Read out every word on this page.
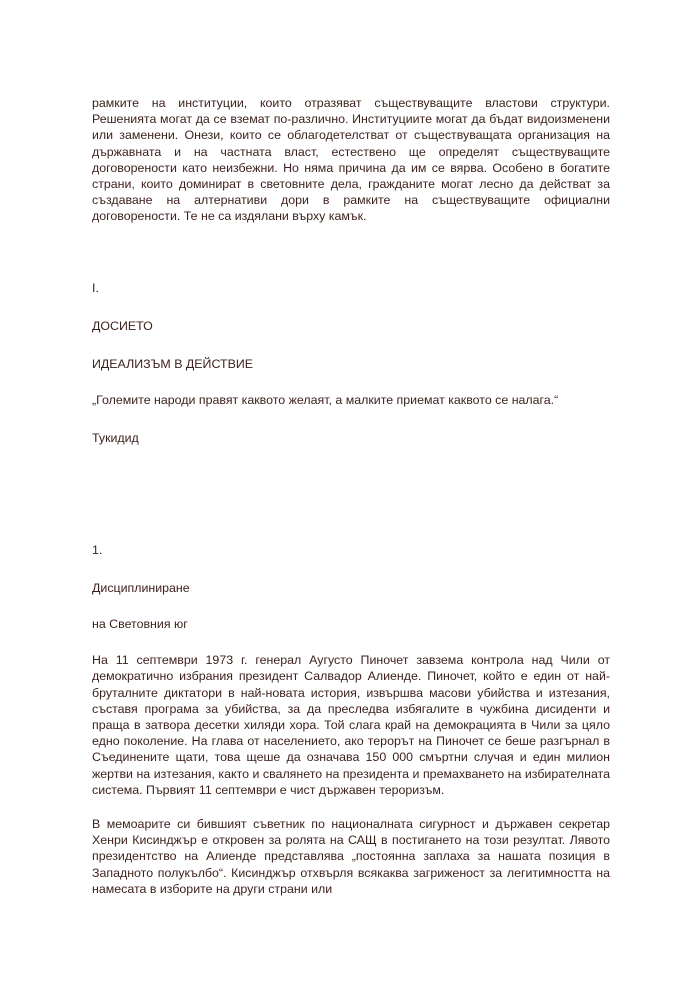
рамките на институции, които отразяват съществуващите властови структури. Решенията могат да се вземат по-различно. Институциите могат да бъдат видоизменени или заменени. Онези, които се облагодетелстват от съществуващата организация на държавната и на частната власт, естествено ще определят съществуващите договорености като неизбежни. Но няма причина да им се вярва. Особено в богатите страни, които доминират в световните дела, гражданите могат лесно да действат за създаване на алтернативи дори в рамките на съществуващите официални договорености. Те не са издялани върху камък.

I.

ДОСИЕТО

ИДЕАЛИЗЪМ В ДЕЙСТВИЕ

„Големите народи правят каквото желаят, а малките приемат каквото се налага.“

Тукидид

1.

Дисциплиниране

на Световния юг

На 11 септември 1973 г. генерал Аугусто Пиночет завзема контрола над Чили от демократично избрания президент Салвадор Алиенде. Пиночет, който е един от най-бруталните диктатори в най-новата история, извършва масови убийства и изтезания, съставя програма за убийства, за да преследва избягалите в чужбина дисиденти и праща в затвора десетки хиляди хора. Той слага край на демокрацията в Чили за цяло едно поколение. На глава от населението, ако терорът на Пиночет се беше разгърнал в Съединените щати, това щеше да означава 150 000 смъртни случая и един милион жертви на изтезания, както и свалянето на президента и премахването на избирателната система. Първият 11 септември е чист държавен тероризъм.

В мемоарите си бившият съветник по националната сигурност и държавен секретар Хенри Кисинджър е откровен за ролята на САЩ в постигането на този резултат. Лявото президентство на Алиенде представлява „постоянна заплаха за нашата позиция в Западното полукълбо“. Кисинджър отхвърля всякаква загриженост за легитимността на намесата в изборите на други страни или
